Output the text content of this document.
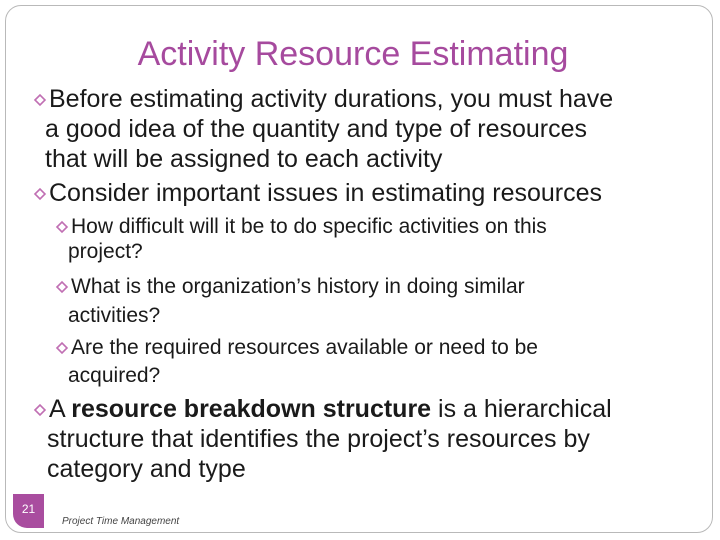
Activity Resource Estimating

Before estimating activity durations, you must have

a good idea of the quantity and type of resources

that will be assigned to each activity

Consider important issues in estimating resources

How difficult will it be to do specific activities on this

project?

What is the organization’s history in doing similar

activities?

Are the required resources available or need to be

acquired?

A resource breakdown structure is a hierarchical

structure that identifies the project’s resources by

category and type

21
Project Time Management
